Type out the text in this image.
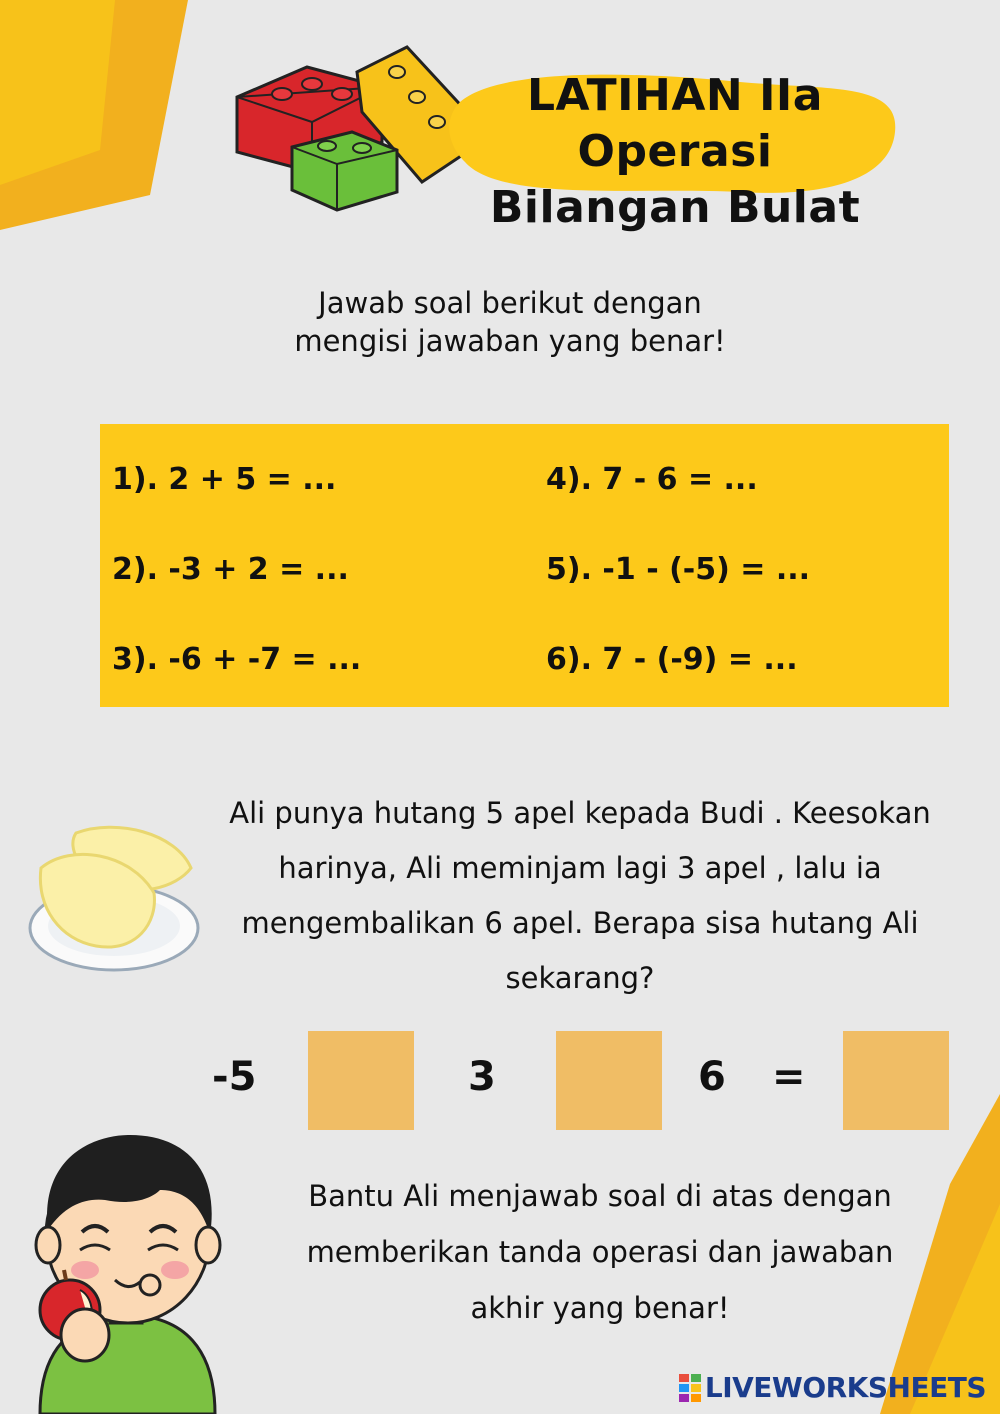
LATIHAN IIa
Operasi
Bilangan Bulat
Jawab soal berikut dengan
mengisi jawaban yang benar!
1). 2 + 5 = ...
2). -3 + 2 = ...
3). -6 + -7 = ...
4). 7 - 6 = ...
5). -1 - (-5) = ...
6). 7 - (-9) = ...
Ali punya hutang 5 apel kepada Budi . Keesokan
harinya, Ali meminjam lagi 3 apel , lalu ia
mengembalikan 6 apel. Berapa sisa hutang Ali
sekarang?
-5	3	6 =
Bantu Ali menjawab soal di atas dengan
memberikan tanda operasi dan jawaban
akhir yang benar!
LIVEWORKSHEETS
